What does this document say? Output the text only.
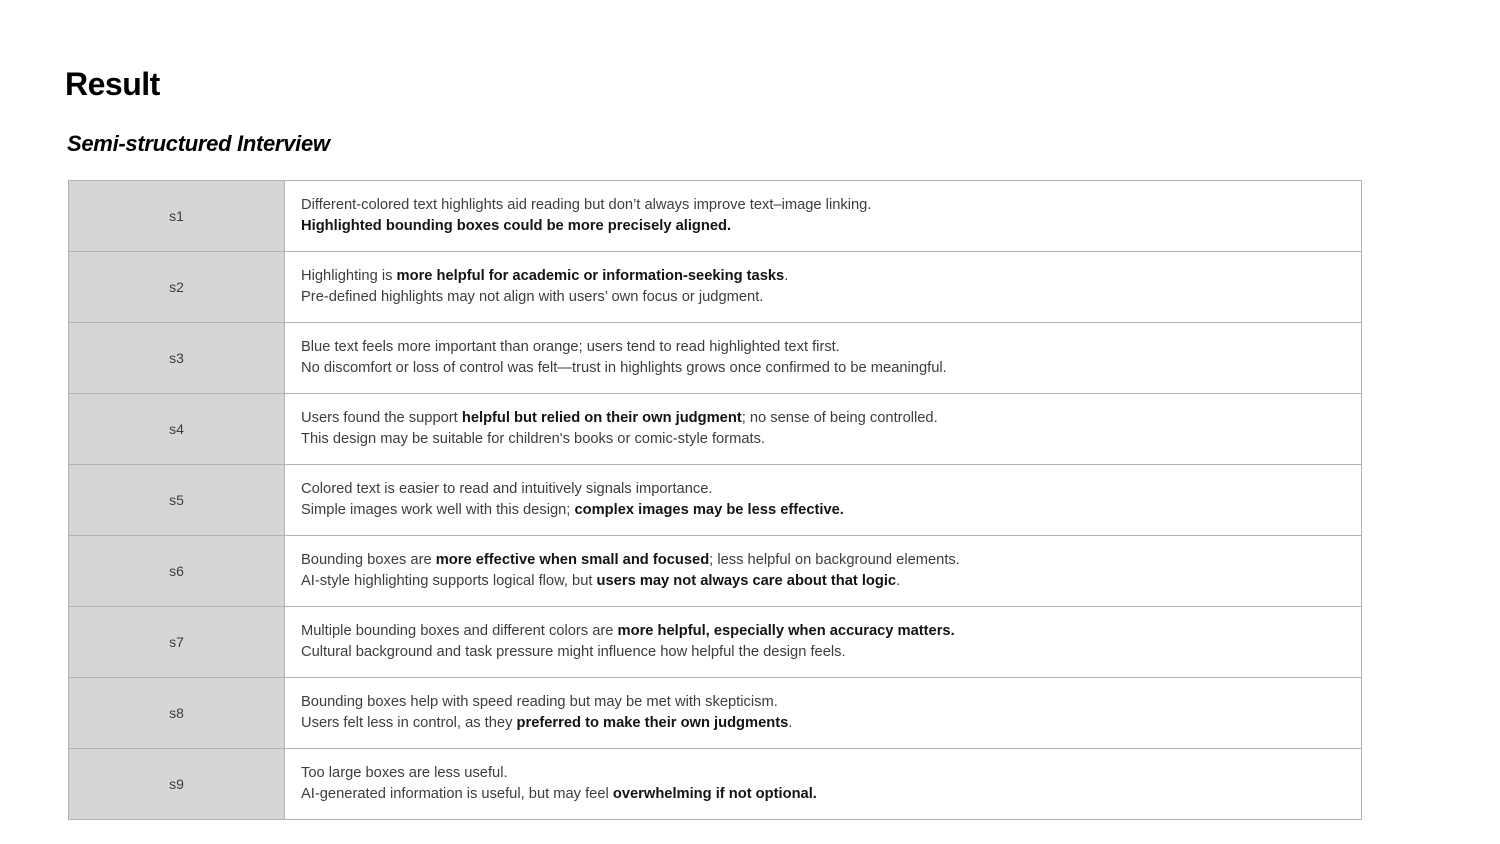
Result
Semi-structured Interview
s1	Different-colored text highlights aid reading but don’t always improve text–image linking.
Highlighted bounding boxes could be more precisely aligned.

s2	Highlighting is more helpful for academic or information-seeking tasks.
Pre-defined highlights may not align with users’ own focus or judgment.

s3	Blue text feels more important than orange; users tend to read highlighted text first.
No discomfort or loss of control was felt—trust in highlights grows once confirmed to be meaningful.

s4	Users found the support helpful but relied on their own judgment; no sense of being controlled.
This design may be suitable for children's books or comic-style formats.

s5	Colored text is easier to read and intuitively signals importance.
Simple images work well with this design; complex images may be less effective.

s6	Bounding boxes are more effective when small and focused; less helpful on background elements.
AI-style highlighting supports logical flow, but users may not always care about that logic.

s7	Multiple bounding boxes and different colors are more helpful, especially when accuracy matters.
Cultural background and task pressure might influence how helpful the design feels.

s8	Bounding boxes help with speed reading but may be met with skepticism.
Users felt less in control, as they preferred to make their own judgments.

s9	Too large boxes are less useful.
AI-generated information is useful, but may feel overwhelming if not optional.
